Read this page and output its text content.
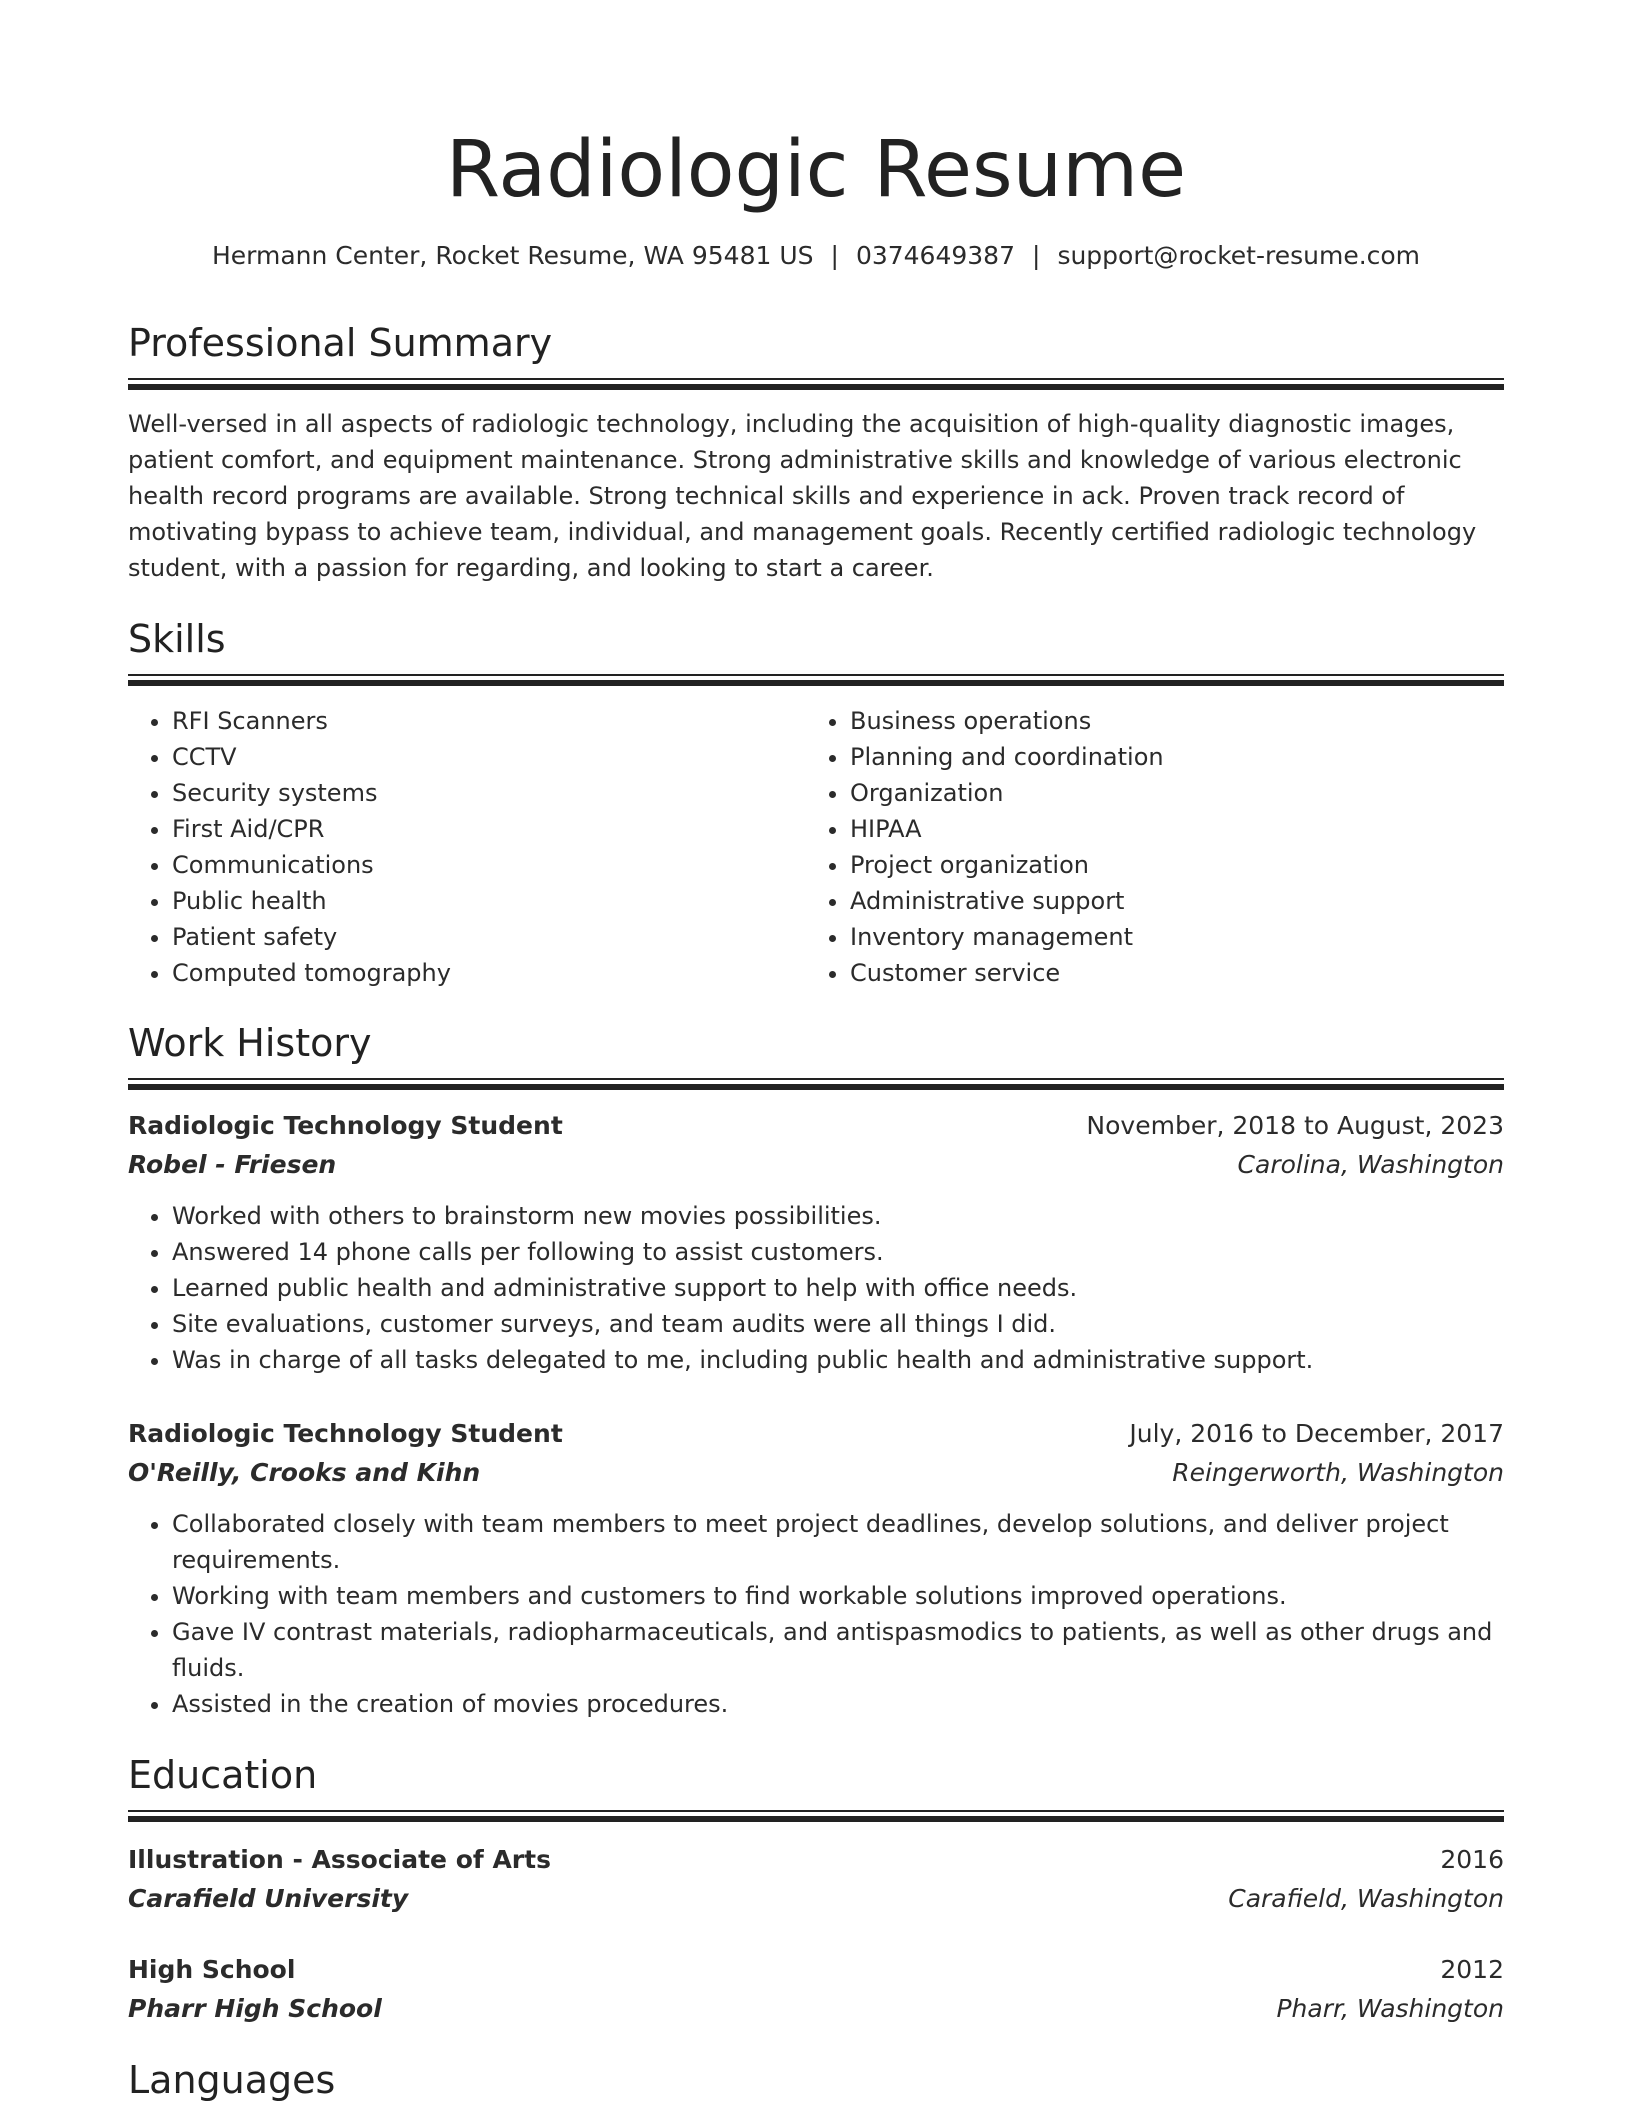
Radiologic Resume
Hermann Center, Rocket Resume, WA 95481 US | 0374649387 | support@rocket-resume.com
Professional Summary
Well-versed in all aspects of radiologic technology, including the acquisition of high-quality diagnostic images, patient comfort, and equipment maintenance. Strong administrative skills and knowledge of various electronic health record programs are available. Strong technical skills and experience in ack. Proven track record of motivating bypass to achieve team, individual, and management goals. Recently certified radiologic technology student, with a passion for regarding, and looking to start a career.
Skills
• RFI Scanners
• CCTV
• Security systems
• First Aid/CPR
• Communications
• Public health
• Patient safety
• Computed tomography
• Business operations
• Planning and coordination
• Organization
• HIPAA
• Project organization
• Administrative support
• Inventory management
• Customer service
Work History
Radiologic Technology Student	November, 2018 to August, 2023
Robel - Friesen	Carolina, Washington
• Worked with others to brainstorm new movies possibilities.
• Answered 14 phone calls per following to assist customers.
• Learned public health and administrative support to help with office needs.
• Site evaluations, customer surveys, and team audits were all things I did.
• Was in charge of all tasks delegated to me, including public health and administrative support.
Radiologic Technology Student	July, 2016 to December, 2017
O'Reilly, Crooks and Kihn	Reingerworth, Washington
• Collaborated closely with team members to meet project deadlines, develop solutions, and deliver project requirements.
• Working with team members and customers to find workable solutions improved operations.
• Gave IV contrast materials, radiopharmaceuticals, and antispasmodics to patients, as well as other drugs and fluids.
• Assisted in the creation of movies procedures.
Education
Illustration - Associate of Arts	2016
Carafield University	Carafield, Washington
High School	2012
Pharr High School	Pharr, Washington
Languages
